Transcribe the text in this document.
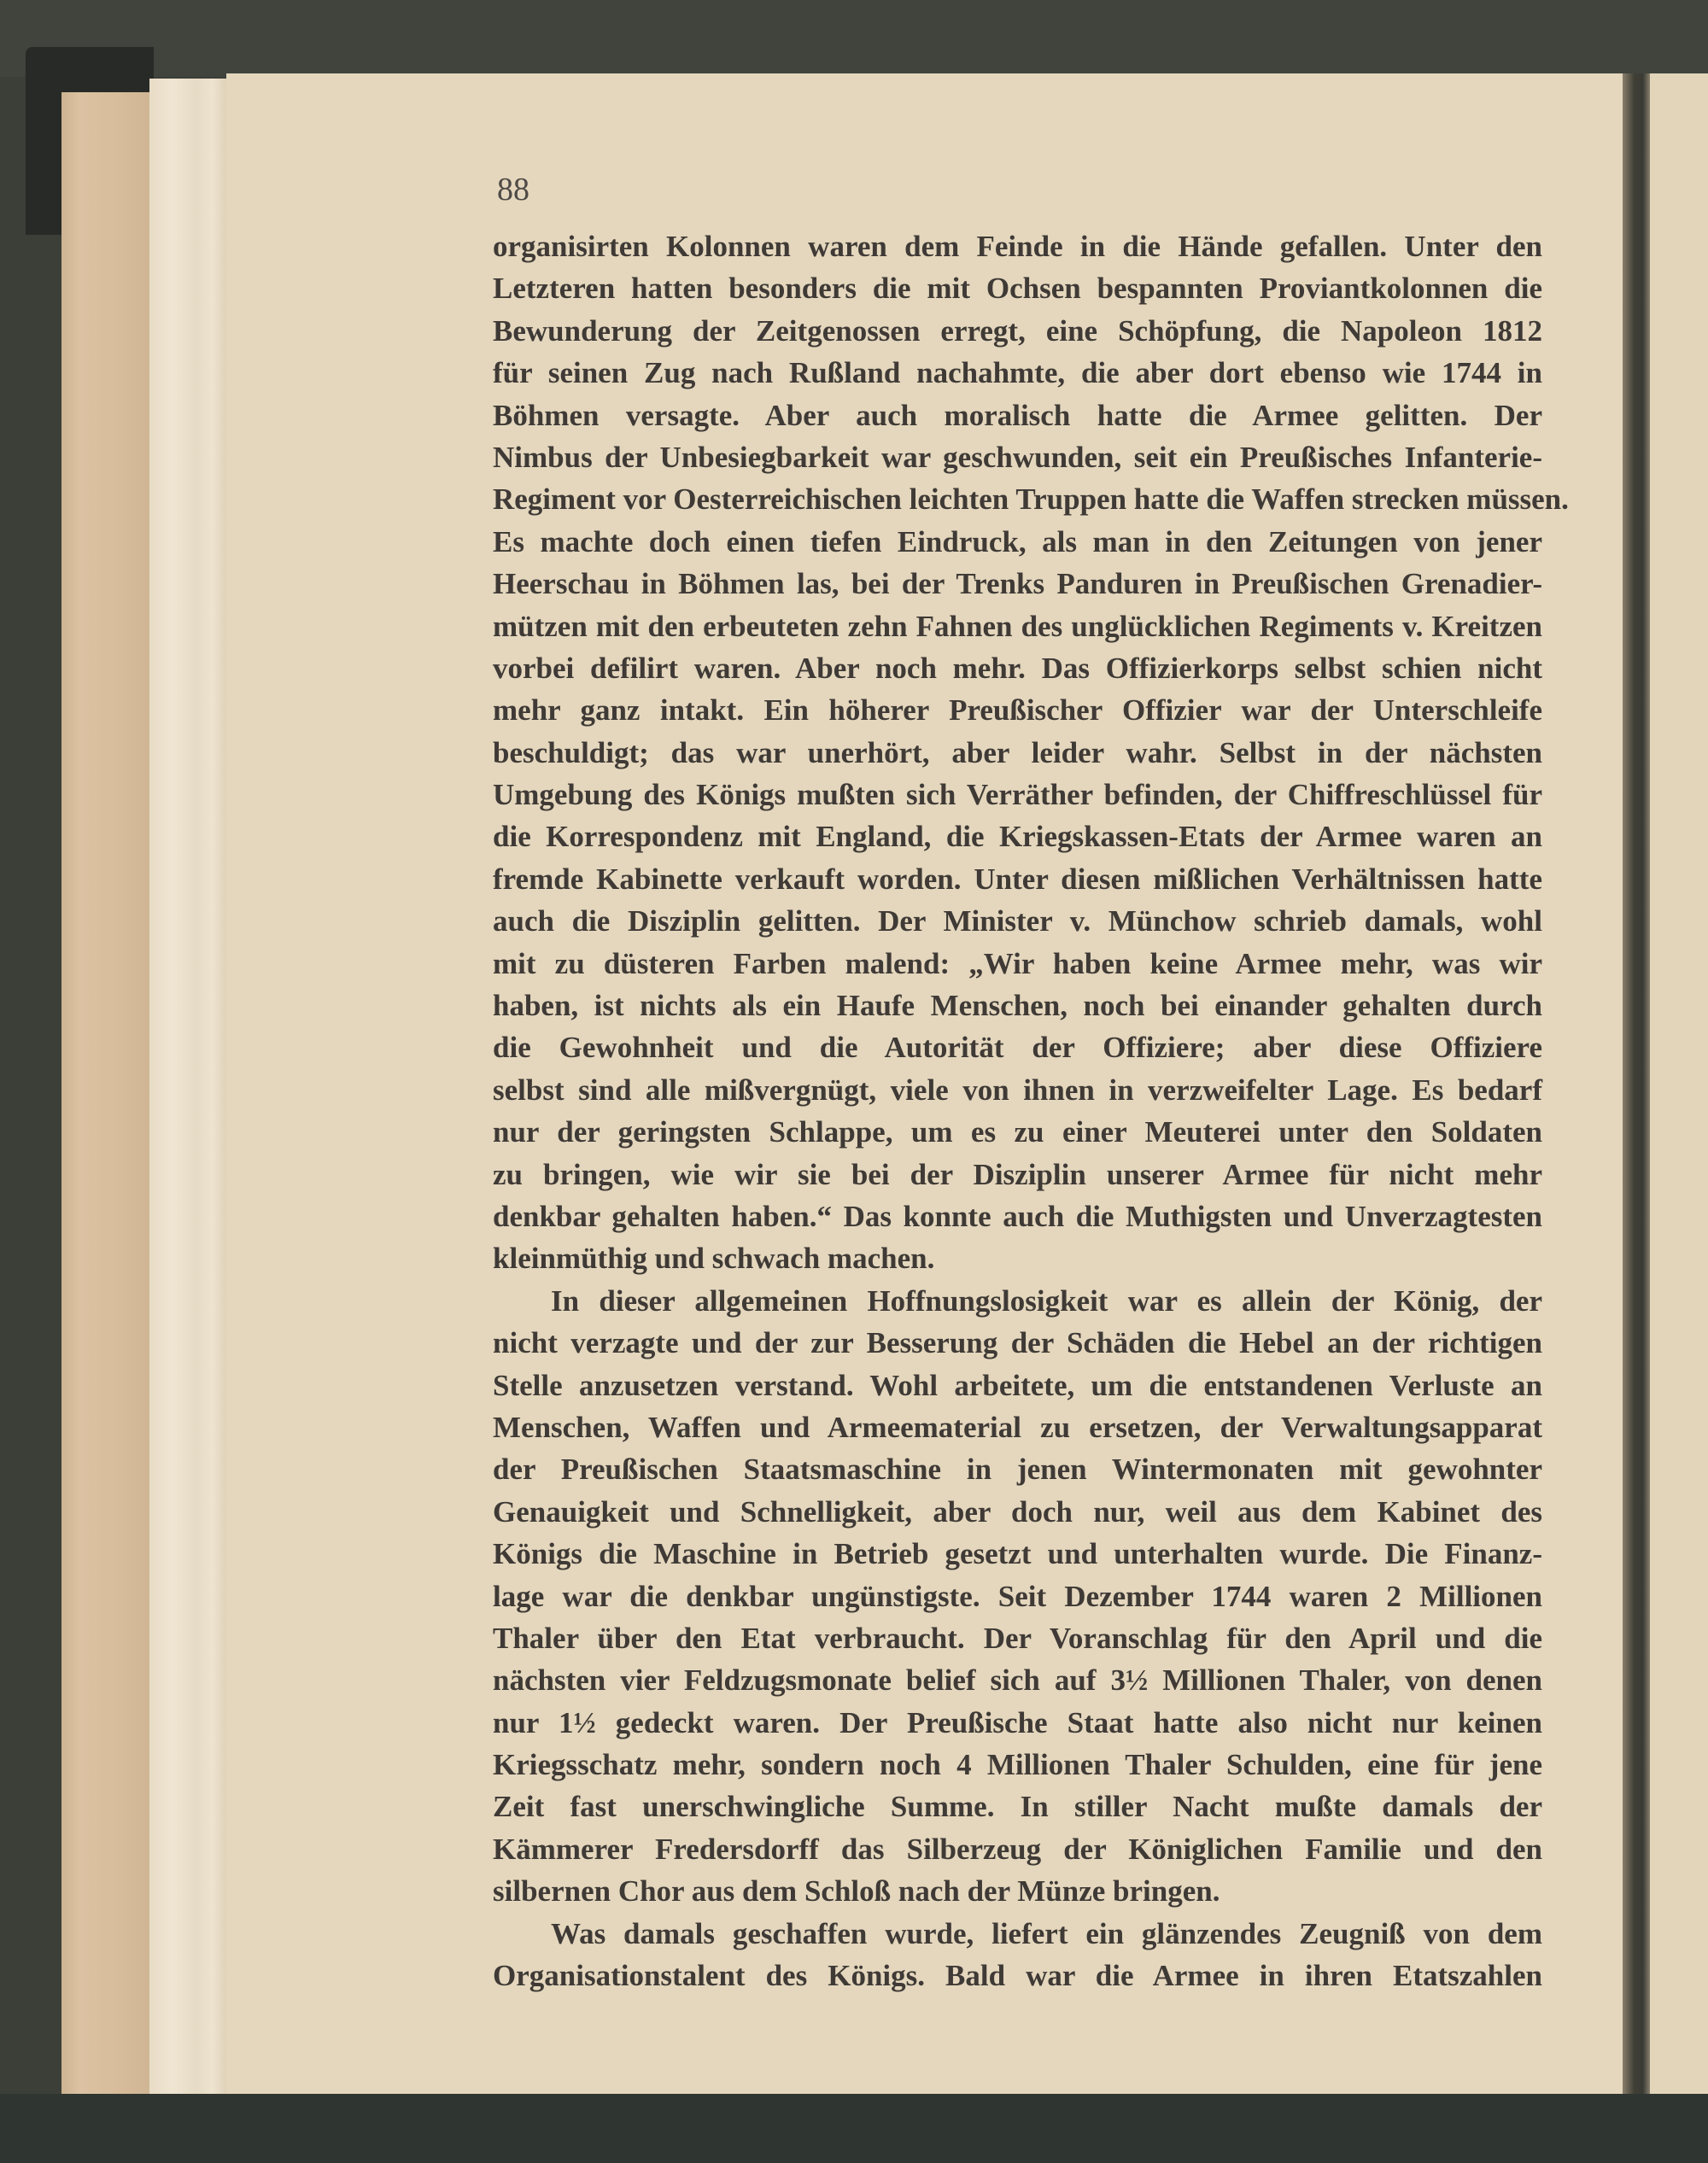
88
organisirten Kolonnen waren dem Feinde in die Hände gefallen. Unter den
Letzteren hatten besonders die mit Ochsen bespannten Proviantkolonnen die
Bewunderung der Zeitgenossen erregt, eine Schöpfung, die Napoleon 1812
für seinen Zug nach Rußland nachahmte, die aber dort ebenso wie 1744 in
Böhmen versagte. Aber auch moralisch hatte die Armee gelitten. Der
Nimbus der Unbesiegbarkeit war geschwunden, seit ein Preußisches Infanterie-
Regiment vor Oesterreichischen leichten Truppen hatte die Waffen strecken müssen.
Es machte doch einen tiefen Eindruck, als man in den Zeitungen von jener
Heerschau in Böhmen las, bei der Trenks Panduren in Preußischen Grenadier-
mützen mit den erbeuteten zehn Fahnen des unglücklichen Regiments v. Kreitzen
vorbei defilirt waren. Aber noch mehr. Das Offizierkorps selbst schien nicht
mehr ganz intakt. Ein höherer Preußischer Offizier war der Unterschleife
beschuldigt; das war unerhört, aber leider wahr. Selbst in der nächsten
Umgebung des Königs mußten sich Verräther befinden, der Chiffreschlüssel für
die Korrespondenz mit England, die Kriegskassen-Etats der Armee waren an
fremde Kabinette verkauft worden. Unter diesen mißlichen Verhältnissen hatte
auch die Disziplin gelitten. Der Minister v. Münchow schrieb damals, wohl
mit zu düsteren Farben malend: „Wir haben keine Armee mehr, was wir
haben, ist nichts als ein Haufe Menschen, noch bei einander gehalten durch
die Gewohnheit und die Autorität der Offiziere; aber diese Offiziere
selbst sind alle mißvergnügt, viele von ihnen in verzweifelter Lage. Es bedarf
nur der geringsten Schlappe, um es zu einer Meuterei unter den Soldaten
zu bringen, wie wir sie bei der Disziplin unserer Armee für nicht mehr
denkbar gehalten haben.“ Das konnte auch die Muthigsten und Unverzagtesten
kleinmüthig und schwach machen.
In dieser allgemeinen Hoffnungslosigkeit war es allein der König, der
nicht verzagte und der zur Besserung der Schäden die Hebel an der richtigen
Stelle anzusetzen verstand. Wohl arbeitete, um die entstandenen Verluste an
Menschen, Waffen und Armeematerial zu ersetzen, der Verwaltungsapparat
der Preußischen Staatsmaschine in jenen Wintermonaten mit gewohnter
Genauigkeit und Schnelligkeit, aber doch nur, weil aus dem Kabinet des
Königs die Maschine in Betrieb gesetzt und unterhalten wurde. Die Finanz-
lage war die denkbar ungünstigste. Seit Dezember 1744 waren 2 Millionen
Thaler über den Etat verbraucht. Der Voranschlag für den April und die
nächsten vier Feldzugsmonate belief sich auf 3½ Millionen Thaler, von denen
nur 1½ gedeckt waren. Der Preußische Staat hatte also nicht nur keinen
Kriegsschatz mehr, sondern noch 4 Millionen Thaler Schulden, eine für jene
Zeit fast unerschwingliche Summe. In stiller Nacht mußte damals der
Kämmerer Fredersdorff das Silberzeug der Königlichen Familie und den
silbernen Chor aus dem Schloß nach der Münze bringen.
Was damals geschaffen wurde, liefert ein glänzendes Zeugniß von dem
Organisationstalent des Königs. Bald war die Armee in ihren Etatszahlen
